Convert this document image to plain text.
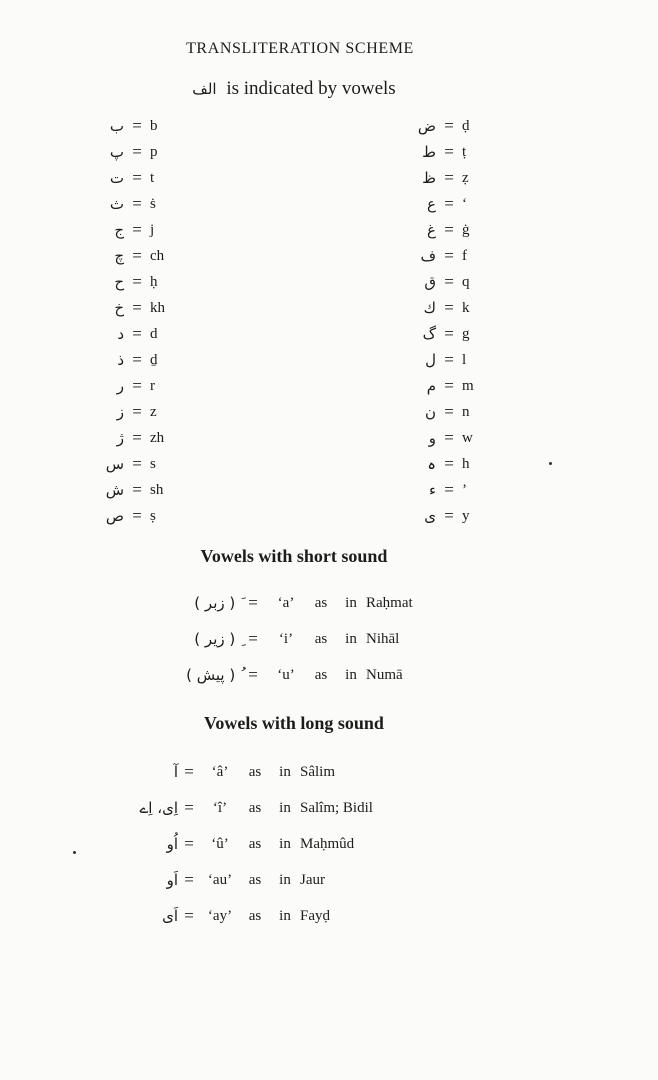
TRANSLITERATION SCHEME
الف is indicated by vowels
ب = b
پ = p
ت = t
ث = ṡ
ج = j
چ = ch
ح = ḥ
خ = kh
د = d
ذ = ḏ
ر = r
ز = z
ژ = zh
س = s
ش = sh
ص = ṣ
ض = ḍ
ط = ṭ
ظ = ẓ
ع = ‘
غ = ġ
ف = f
ق = q
ك = k
گ = g
ل = l
م = m
ن = n
و = w
ہ = h
ء = ’
ی = y
Vowels with short sound
َ ( زبر ) =	‘a’	as	in Raḥmat
ِ ( زیر ) =	‘i’	as	in Nihāl
ُ ( پیش ) =	‘u’	as	in Numā
Vowels with long sound
آ =	‘â’	as	in Sâlim
اِی، اِے =	‘î’	as	in Salîm; Bidil
اُو =	‘û’	as	in Maḥmûd
اَو = ‘au’	as	in Jaur
اَی = ‘ay’	as	in Fayḍ
